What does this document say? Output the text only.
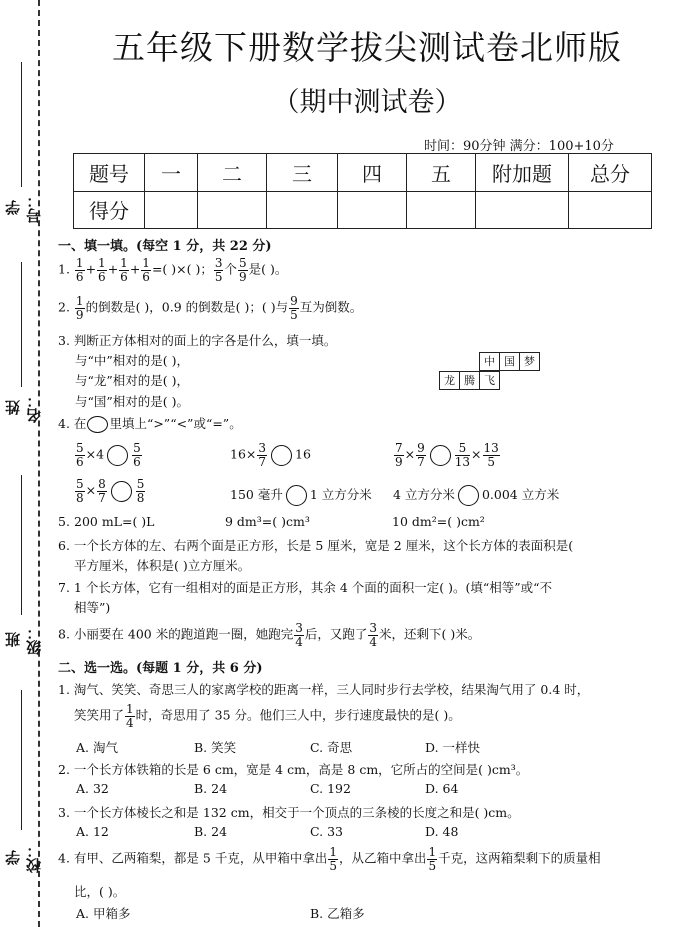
学号：
姓名：
班级：
学校：
五年级下册数学拔尖测试卷北师版
（期中测试卷）
时间：90分钟 满分：100+10分
题号	一	二	三	四	五	附加题	总分
得分							
一、填一填。(每空 1 分，共 22 分)
1. $\frac{1}{6} + \frac{1}{6} + \frac{1}{6} + \frac{1}{6}$ =( )×( )； $\frac{3}{5}$ 个 $\frac{5}{9}$ 是( )。
2. $\frac{1}{9}$ 的倒数是( )，0.9 的倒数是( )；( )与 $\frac{9}{5}$ 互为倒数。
3. 判断正方体相对的面上的字各是什么，填一填。
与“中”相对的是( )，
与“龙”相对的是( )，
与“国”相对的是( )。
中 国 梦
龙 腾 飞
4. 在 里填上“>”“<”或“=”。
$\frac{5}{6} \times 4 \frac{5}{6}$	$16\times \frac{3}{7} 16$	$\frac{7}{9} \times \frac{9}{7} \frac{5}{13} \times \frac{13}{5}$
$\frac{5}{8} \times \frac{8}{7} \frac{5}{8}$	150 毫升 1 立方分米 4 立方分米 0.004 立方米
5. 200 mL=( )L	9 dm³=( )cm³	10 dm²=( )cm²
6. 一个长方体的左、右两个面是正方形，长是 5 厘米，宽是 2 厘米，这个长方体的表面积是(
平方厘米，体积是( )立方厘米。
7. 1 个长方体，它有一组相对的面是正方形，其余 4 个面的面积一定( )。(填“相等”或“不
相等”)
8. 小丽要在 400 米的跑道跑一圈，她跑完 $\frac{3}{4}$ 后，又跑了 $\frac{3}{4}$ 米，还剩下( )米。
二、选一选。(每题 1 分，共 6 分)
1. 淘气、笑笑、奇思三人的家离学校的距离一样，三人同时步行去学校，结果淘气用了 0.4 时，
笑笑用了 $\frac{1}{4}$ 时，奇思用了 35 分。他们三人中，步行速度最快的是( )。
A. 淘气	B. 笑笑	C. 奇思	D. 一样快
2. 一个长方体铁箱的长是 6 cm，宽是 4 cm，高是 8 cm，它所占的空间是( )cm³。
A. 32	B. 24	C. 192	D. 64
3. 一个长方体棱长之和是 132 cm，相交于一个顶点的三条棱的长度之和是( )cm。
A. 12	B. 24	C. 33	D. 48
4. 有甲、乙两箱梨，都是 5 千克，从甲箱中拿出 $\frac{1}{5}$ ，从乙箱中拿出 $\frac{1}{5}$ 千克，这两箱梨剩下的质量相
比，( )。
A. 甲箱多	B. 乙箱多
